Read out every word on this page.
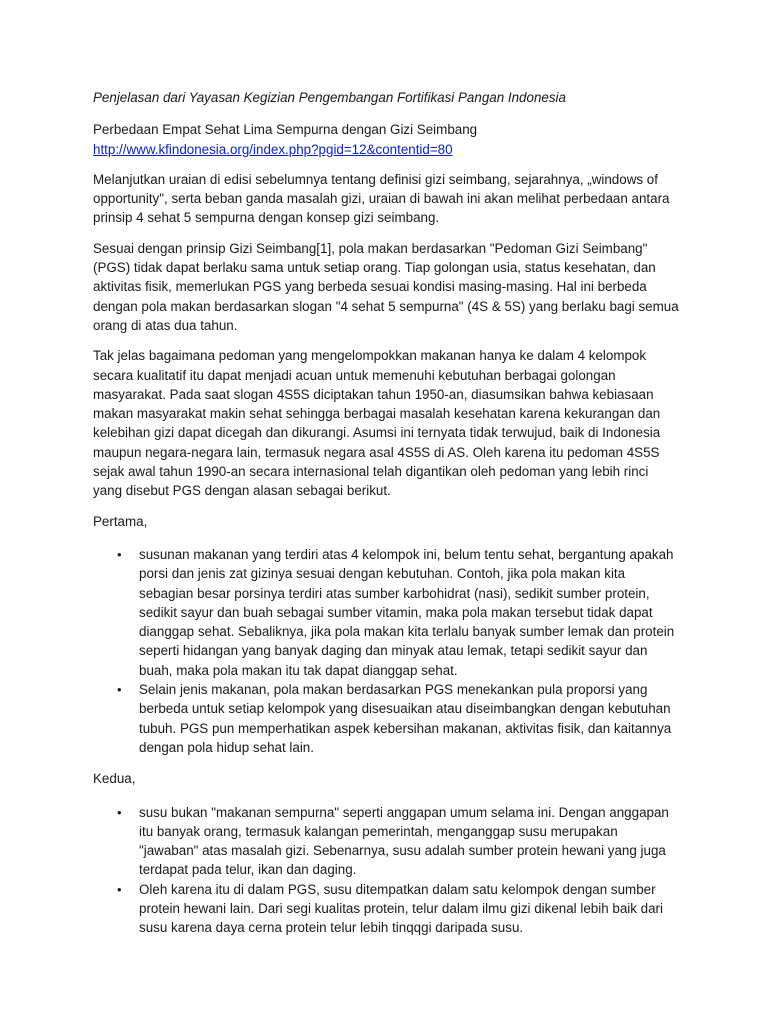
Penjelasan dari Yayasan Kegizian Pengembangan Fortifikasi Pangan Indonesia

Perbedaan Empat Sehat Lima Sempurna dengan Gizi Seimbang

http://www.kfindonesia.org/index.php?pgid=12&contentid=80

Melanjutkan uraian di edisi sebelumnya tentang definisi gizi seimbang, sejarahnya, „windows of opportunity", serta beban ganda masalah gizi, uraian di bawah ini akan melihat perbedaan antara prinsip 4 sehat 5 sempurna dengan konsep gizi seimbang.

Sesuai dengan prinsip Gizi Seimbang[1], pola makan berdasarkan "Pedoman Gizi Seimbang" (PGS) tidak dapat berlaku sama untuk setiap orang. Tiap golongan usia, status kesehatan, dan aktivitas fisik, memerlukan PGS yang berbeda sesuai kondisi masing-masing. Hal ini berbeda dengan pola makan berdasarkan slogan "4 sehat 5 sempurna" (4S & 5S) yang berlaku bagi semua orang di atas dua tahun.

Tak jelas bagaimana pedoman yang mengelompokkan makanan hanya ke dalam 4 kelompok secara kualitatif itu dapat menjadi acuan untuk memenuhi kebutuhan berbagai golongan masyarakat. Pada saat slogan 4S5S diciptakan tahun 1950-an, diasumsikan bahwa kebiasaan makan masyarakat makin sehat sehingga berbagai masalah kesehatan karena kekurangan dan kelebihan gizi dapat dicegah dan dikurangi. Asumsi ini ternyata tidak terwujud, baik di Indonesia maupun negara-negara lain, termasuk negara asal 4S5S di AS. Oleh karena itu pedoman 4S5S sejak awal tahun 1990-an secara internasional telah digantikan oleh pedoman yang lebih rinci yang disebut PGS dengan alasan sebagai berikut.

Pertama,

• susunan makanan yang terdiri atas 4 kelompok ini, belum tentu sehat, bergantung apakah porsi dan jenis zat gizinya sesuai dengan kebutuhan. Contoh, jika pola makan kita sebagian besar porsinya terdiri atas sumber karbohidrat (nasi), sedikit sumber protein, sedikit sayur dan buah sebagai sumber vitamin, maka pola makan tersebut tidak dapat dianggap sehat. Sebaliknya, jika pola makan kita terlalu banyak sumber lemak dan protein seperti hidangan yang banyak daging dan minyak atau lemak, tetapi sedikit sayur dan buah, maka pola makan itu tak dapat dianggap sehat.
• Selain jenis makanan, pola makan berdasarkan PGS menekankan pula proporsi yang berbeda untuk setiap kelompok yang disesuaikan atau diseimbangkan dengan kebutuhan tubuh. PGS pun memperhatikan aspek kebersihan makanan, aktivitas fisik, dan kaitannya dengan pola hidup sehat lain.

Kedua,

• susu bukan "makanan sempurna" seperti anggapan umum selama ini. Dengan anggapan itu banyak orang, termasuk kalangan pemerintah, menganggap susu merupakan "jawaban" atas masalah gizi. Sebenarnya, susu adalah sumber protein hewani yang juga terdapat pada telur, ikan dan daging.
• Oleh karena itu di dalam PGS, susu ditempatkan dalam satu kelompok dengan sumber protein hewani lain. Dari segi kualitas protein, telur dalam ilmu gizi dikenal lebih baik dari susu karena daya cerna protein telur lebih tinqqgi daripada susu.
